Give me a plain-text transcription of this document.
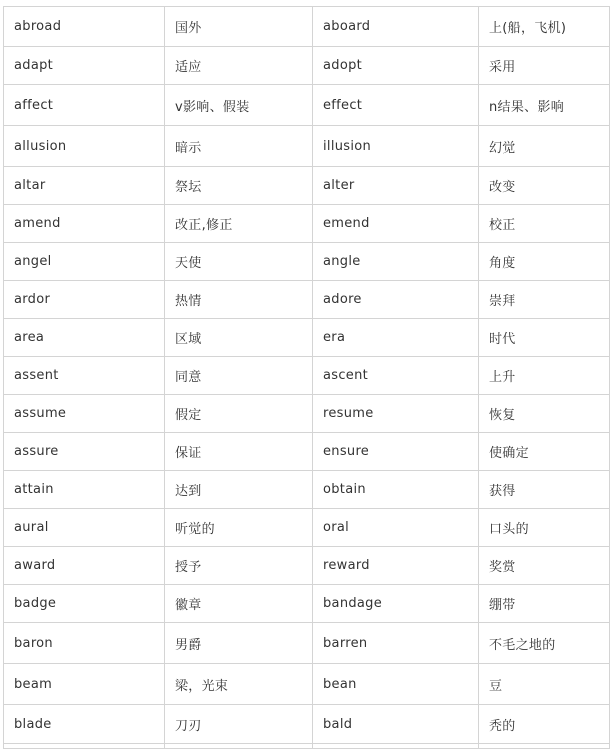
abroad	国外	aboard	上(船，飞机)
adapt	适应	adopt	采用
affect	v影响、假装	effect	n结果、影响
allusion	暗示	illusion	幻觉
altar	祭坛	alter	改变
amend	改正,修正	emend	校正
angel	天使	angle	角度
ardor	热情	adore	崇拜
area	区域	era	时代
assent	同意	ascent	上升
assume	假定	resume	恢复
assure	保证	ensure	使确定
attain	达到	obtain	获得
aural	听觉的	oral	口头的
award	授予	reward	奖赏
badge	徽章	bandage	绷带
baron	男爵	barren	不毛之地的
beam	梁，光束	bean	豆
blade	刀刃	bald	秃的
